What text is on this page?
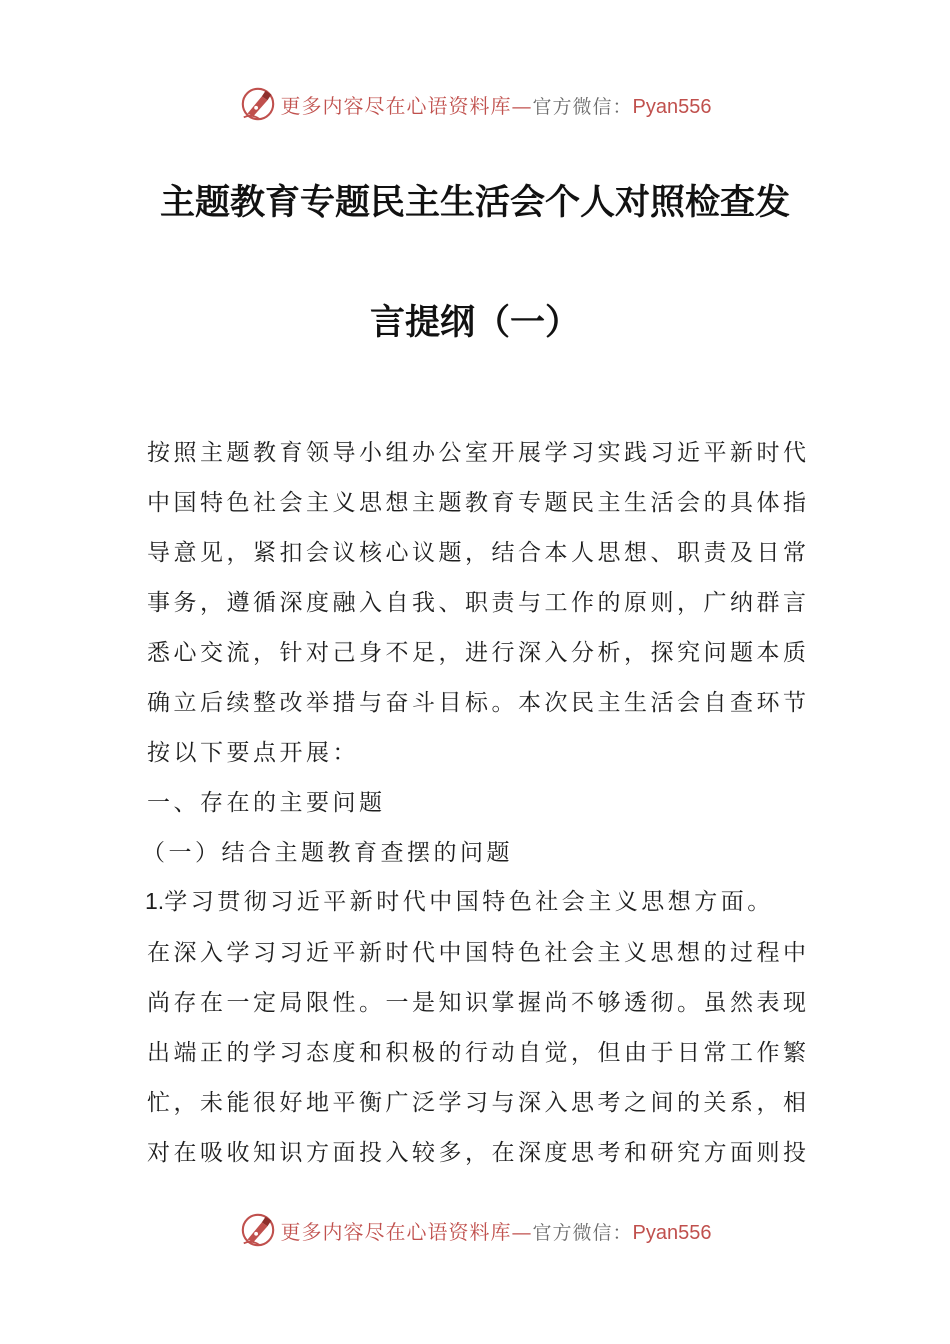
更多内容尽在心语资料库—官方微信：Pyan556
主题教育专题民主生活会个人对照检查发
言提纲（一）
按照主题教育领导小组办公室开展学习实践习近平新时代
中国特色社会主义思想主题教育专题民主生活会的具体指
导意见，紧扣会议核心议题，结合本人思想、职责及日常
事务，遵循深度融入自我、职责与工作的原则，广纳群言
悉心交流，针对己身不足，进行深入分析，探究问题本质
确立后续整改举措与奋斗目标。本次民主生活会自查环节
按以下要点开展：
一、存在的主要问题
（一）结合主题教育查摆的问题
1.学习贯彻习近平新时代中国特色社会主义思想方面。
在深入学习习近平新时代中国特色社会主义思想的过程中
尚存在一定局限性。一是知识掌握尚不够透彻。虽然表现
出端正的学习态度和积极的行动自觉，但由于日常工作繁
忙，未能很好地平衡广泛学习与深入思考之间的关系，相
对在吸收知识方面投入较多，在深度思考和研究方面则投
更多内容尽在心语资料库—官方微信：Pyan556
